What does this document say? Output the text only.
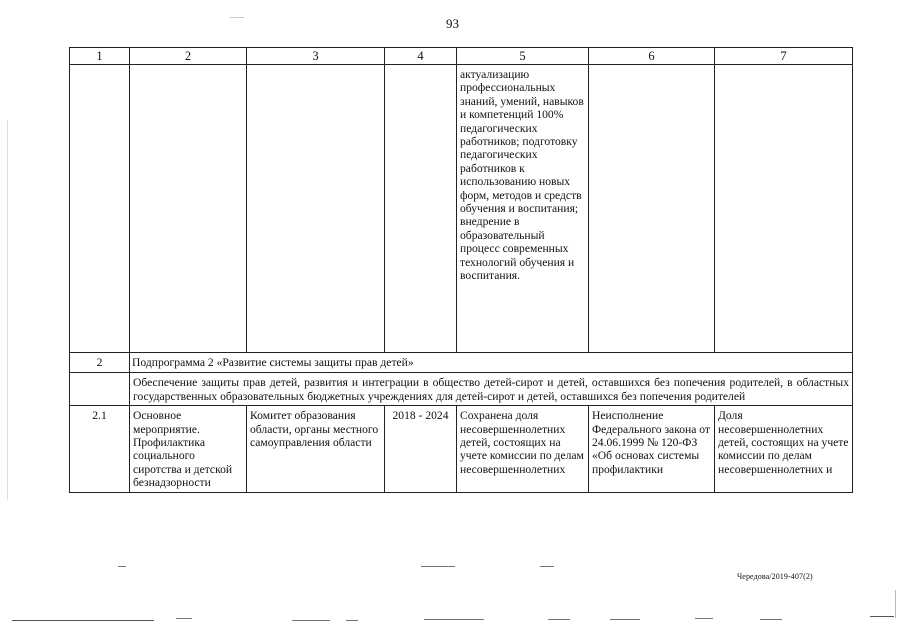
93
1	2	3	4	5	6	7
				актуализацию профессиональных знаний, умений, навыков и компетенций 100% педагогических работников; подготовку педагогических работников к использованию новых форм, методов и средств обучения и воспитания; внедрение в образовательный процесс современных технологий обучения и воспитания.		
2	Подпрограмма 2 «Развитие системы защиты прав детей»					
	Обеспечение защиты прав детей, развития и интеграции в общество детей-сирот и детей, оставшихся без попечения родителей, в областных государственных образовательных бюджетных учреждениях для детей-сирот и детей, оставшихся без попечения родителей					
2.1	Основное мероприятие. Профилактика социального сиротства и детской безнадзорности	Комитет образования области, органы местного самоуправления области	2018 - 2024	Сохранена доля несовершеннолетних детей, состоящих на учете комиссии по делам несовершеннолетних	Неисполнение Федерального закона от 24.06.1999 № 120-ФЗ «Об основах системы профилактики	Доля несовершеннолетних детей, состоящих на учете комиссии по делам несовершеннолетних и
Чередова/2019-407(2)
